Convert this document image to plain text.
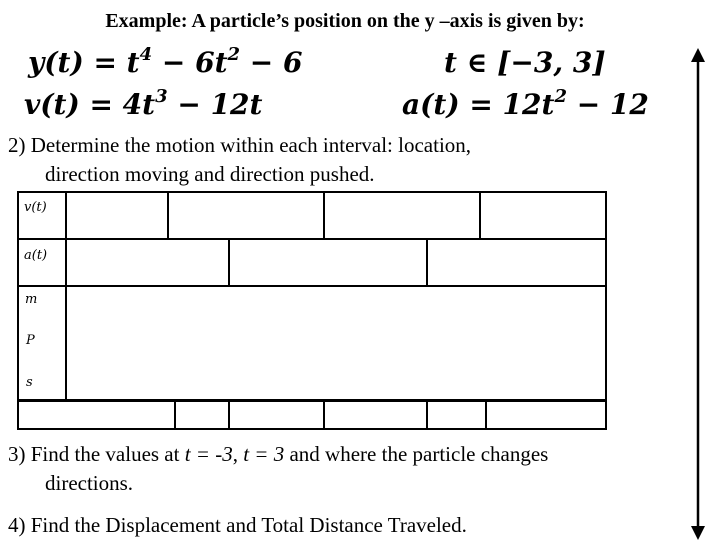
Example: A particle’s position on the y –axis is given by:
$y(t) = t^4 - 6t^2 - 6$	t ∈ [−3, 3]
$v(t) = 4t^3 - 12t$	$a(t) = 12t^2 - 12$
2) Determine the motion within each interval: location,
direction moving and direction pushed.
v(t)
a(t)
m
P
s
3) Find the values at t = -3, t = 3 and where the particle changes
directions.
4) Find the Displacement and Total Distance Traveled.
